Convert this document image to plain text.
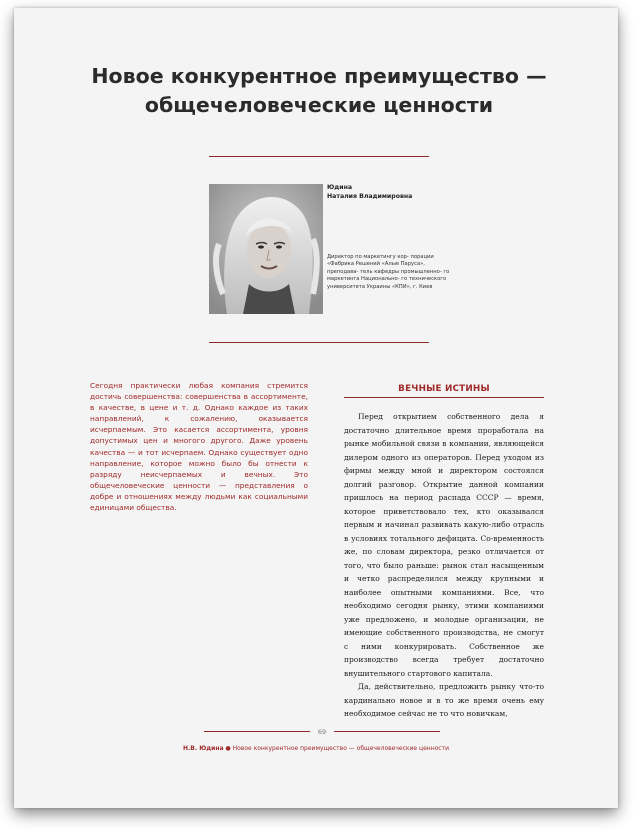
Новое конкурентное преимущество — общечеловеческие ценности
Юдина
Наталия Владимировна
Директор по маркетингу кор- порации «Фабрика Решений «Алые Паруса», преподава- тель кафедры промышленно- го маркетинга Национально- го технического университета Украины «КПИ», г. Киев
Сегодня практически любая компания стремится достичь совершенства: совершенства в ассортименте, в качестве, в цене и т. д. Однако каждое из таких направлений, к сожалению, оказывается исчерпаемым. Это касается ассортимента, уровня допустимых цен и многого другого. Даже уровень качества — и тот исчерпаем. Однако существует одно направление, которое можно было бы отнести к разряду неисчерпаемых и вечных. Это общечеловеческие ценности — представления о добре и отношениях между людьми как социальными единицами общества.
ВЕЧНЫЕ ИСТИНЫ

Перед открытием собственного дела я достаточно длительное время проработала на рынке мобильной связи в компании, являющейся дилером одного из операторов. Перед уходом из фирмы между мной и директором состоялся долгий разговор. Открытие данной компании пришлось на период распада СССР — время, которое приветствовало тех, кто оказывался первым и начинал развивать какую-либо отрасль в условиях тотального дефицита. Со-временность же, по словам директора, резко отличается от того, что было раньше: рынок стал насыщенным и четко распределился между крупными и наиболее опытными компаниями. Все, что необходимо сегодня рынку, этими компаниями уже предложено, и молодые организации, не имеющие собственного производства, не смогут с ними конкурировать. Собственное же производство всегда требует достаточно внушительного стартового капитала.

Да, действительно, предложить рынку что-то кардинально новое и в то же время очень ему необходимое сейчас не то что новичкам,

69
Н.В. Юдина ● Новое конкурентное преимущество — общечеловеческие ценности
